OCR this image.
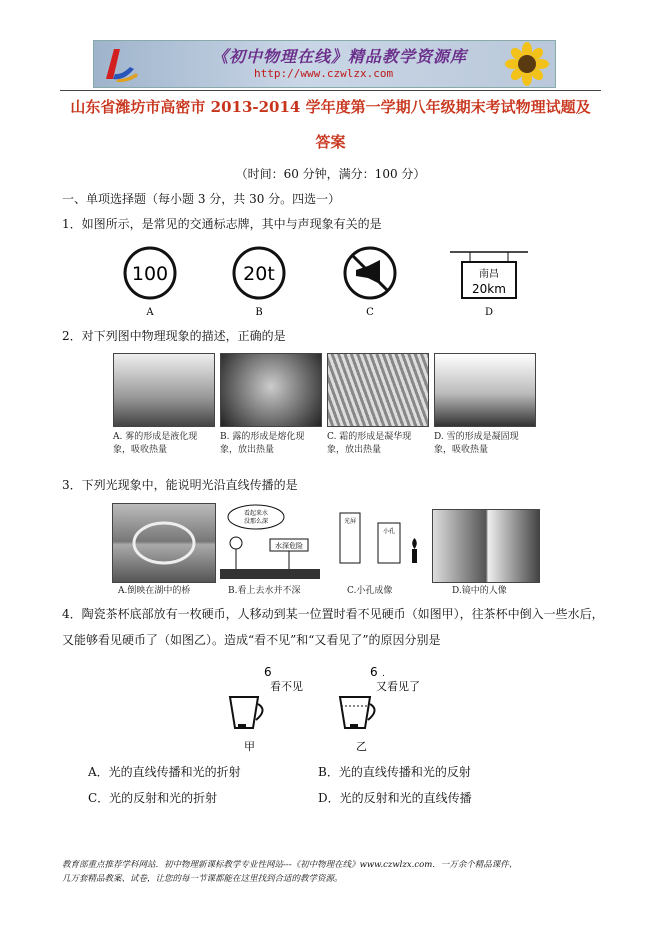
《初中物理在线》精品教学资源库
http://www.czwlzx.com
山东省潍坊市高密市 2013-2014 学年度第一学期八年级期末考试物理试题及
答案
（时间：60 分钟，满分：100 分）
一、单项选择题（每小题 3 分，共 30 分。四选一）
1．如图所示，是常见的交通标志牌，其中与声现象有关的是
100	20t	南昌
20km
A	B	C	D
2．对下列图中物理现象的描述，正确的是
A. 雾的形成是液化现象，吸收热量
B. 露的形成是熔化现象，放出热量
C. 霜的形成是凝华现象，放出热量
D. 雪的形成是凝固现象，吸收热量
3．下列光现象中，能说明光沿直线传播的是
看起来水
没那么深
水深危险
光屏
小孔
A.倒映在湖中的桥	B.看上去水并不深	C.小孔成像	D.镜中的人像
4．陶瓷茶杯底部放有一枚硬币，人移动到某一位置时看不见硬币（如图甲），往茶杯中倒入一些水后，
又能够看见硬币了（如图乙）。造成“看不见”和“又看见了”的原因分别是
6
看不见
甲
6 .
又看见了
乙
A．光的直线传播和光的折射	B．光的直线传播和光的反射
C．光的反射和光的折射	D．光的反射和光的直线传播
教育部重点推荐学科网站．初中物理新课标教学专业性网站---《初中物理在线》www.czwlzx.com．一万余个精品课件、
几万套精品教案、试卷，让您的每一节课都能在这里找到合适的教学资源。
